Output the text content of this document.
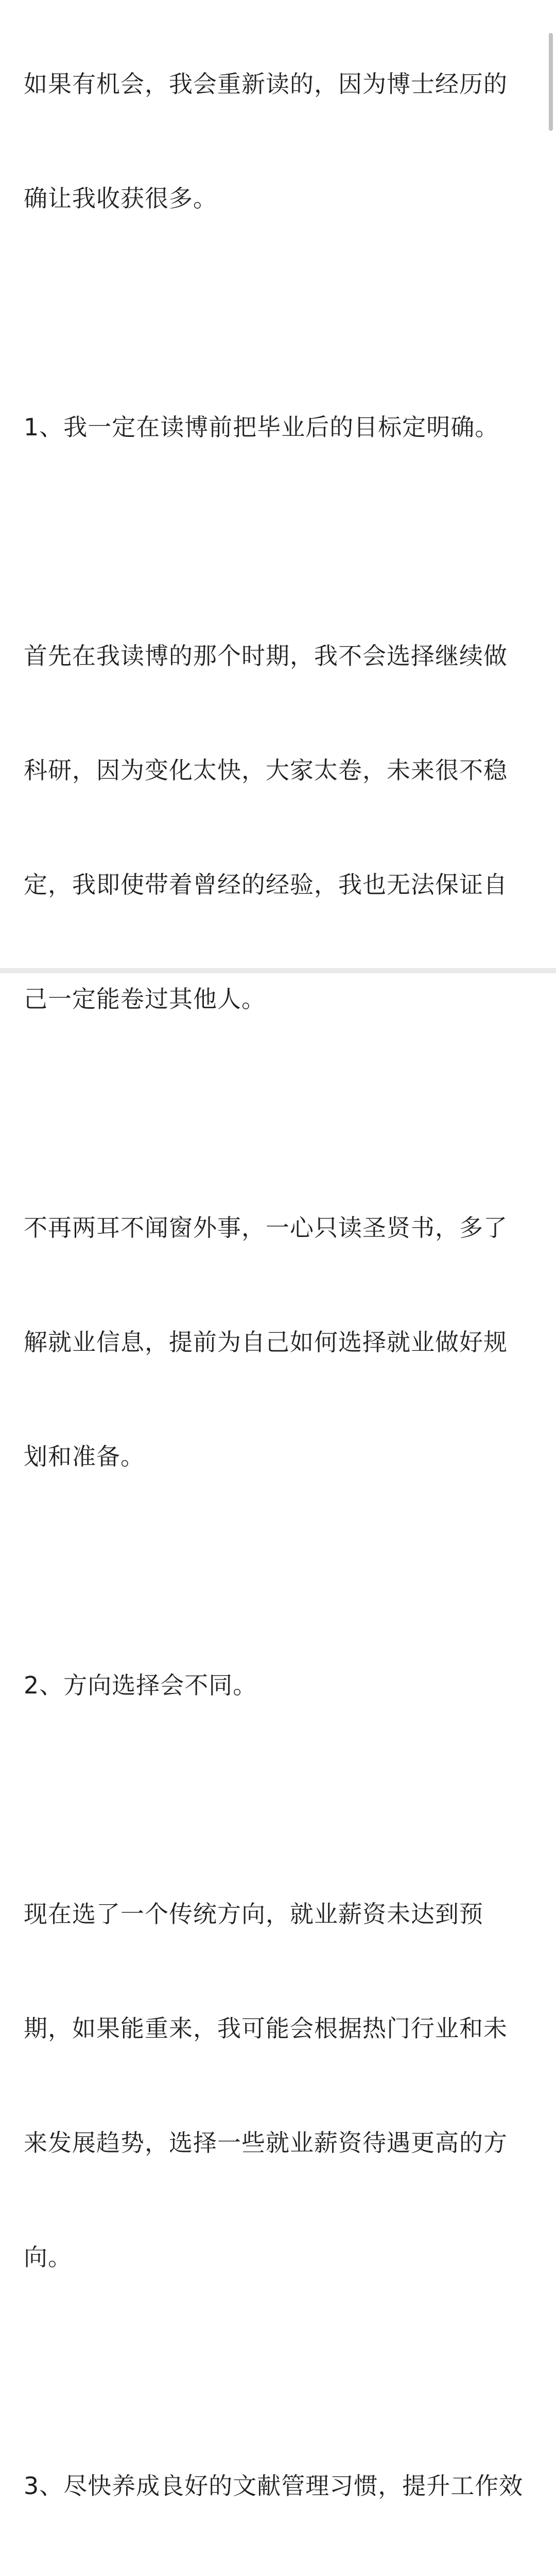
如果有机会，我会重新读的，因为博士经历的

确让我收获很多。

1、我一定在读博前把毕业后的目标定明确。

首先在我读博的那个时期，我不会选择继续做

科研，因为变化太快，大家太卷，未来很不稳

定，我即使带着曾经的经验，我也无法保证自

己一定能卷过其他人。

不再两耳不闻窗外事，一心只读圣贤书，多了

解就业信息，提前为自己如何选择就业做好规

划和准备。

2、方向选择会不同。

现在选了一个传统方向，就业薪资未达到预

期，如果能重来，我可能会根据热门行业和未

来发展趋势，选择一些就业薪资待遇更高的方

向。

3、尽快养成良好的文献管理习惯，提升工作效
